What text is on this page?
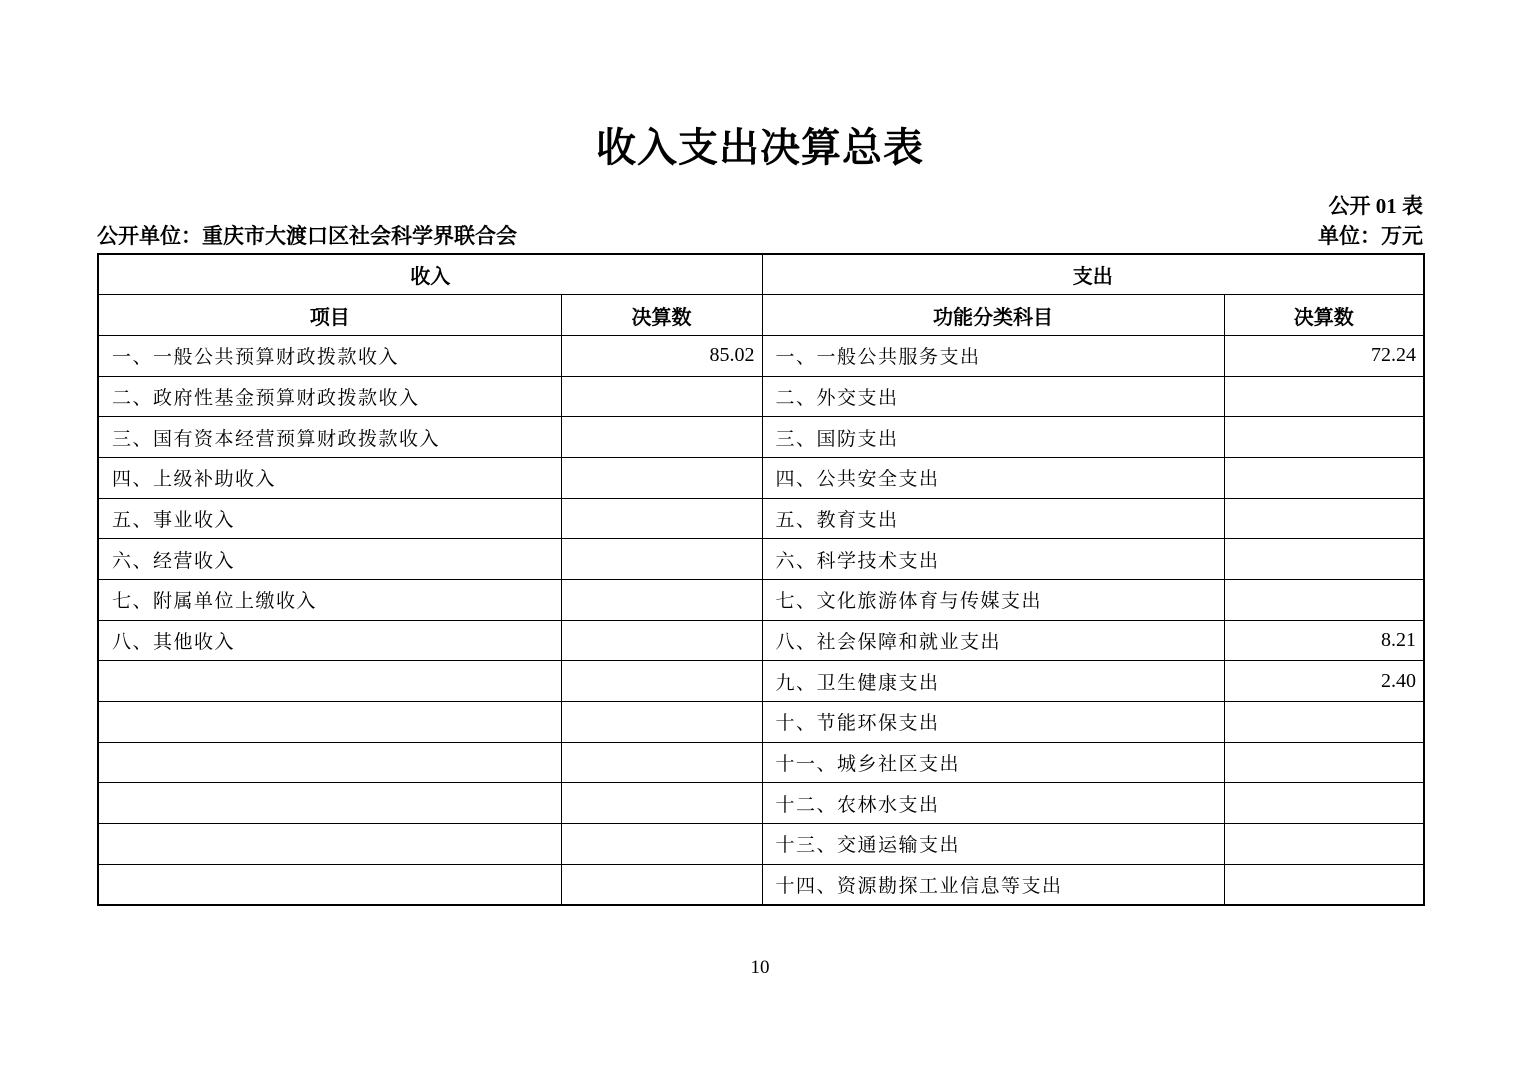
收入支出决算总表
公开 01 表
公开单位：重庆市大渡口区社会科学界联合会	单位：万元
收入		支出	
项目	决算数	功能分类科目	决算数
一、一般公共预算财政拨款收入	85.02	一、一般公共服务支出	72.24
二、政府性基金预算财政拨款收入		二、外交支出	
三、国有资本经营预算财政拨款收入		三、国防支出	
四、上级补助收入		四、公共安全支出	
五、事业收入		五、教育支出	
六、经营收入		六、科学技术支出	
七、附属单位上缴收入		七、文化旅游体育与传媒支出	
八、其他收入		八、社会保障和就业支出	8.21
		九、卫生健康支出	2.40
		十、节能环保支出	
		十一、城乡社区支出	
		十二、农林水支出	
		十三、交通运输支出	
		十四、资源勘探工业信息等支出	
10
